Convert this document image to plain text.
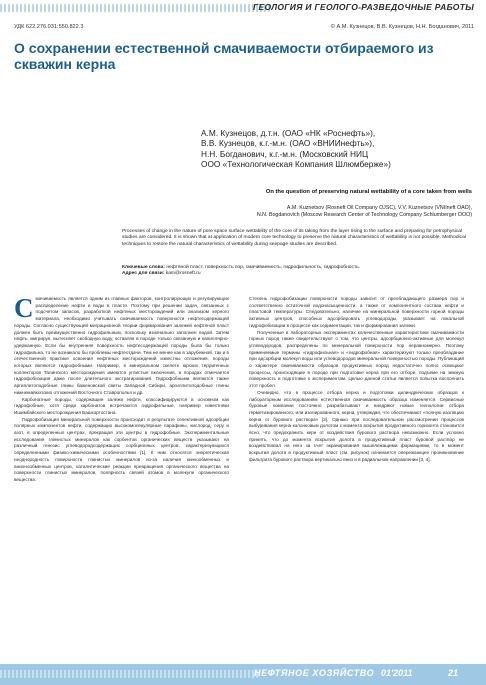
ГЕОЛОГИЯ И ГЕОЛОГО-РАЗВЕДОЧНЫЕ РАБОТЫ
УДК 622.276.031:550.822.3	© А.М. Кузнецов, В.В. Кузнецов, Н.Н. Богданович, 2011
О сохранении естественной смачиваемости отбираемого из скважин керна
А.М. Кузнецов, д.т.н. (ОАО «НК «Роснефть»),
В.В. Кузнецов, к.г.-м.н. (ОАО «ВНИИнефть»),
Н.Н. Богданович, к.г.-м.н. (Московский НИЦ
ООО «Технологическая Компания Шлюмберже»)
On the question of preserving natural wettability of a core taken from wells
A.M. Kuznetsov (Rosneft Oil Company OJSC), V.V. Kuznetsov (VNIIneft OAO),
N.N. Bogdanovich (Moscow Research Center of Technology Company Schlumberger OOO)
Processes of change in the nature of pore space surface wettability of the core of its taking from the layer rising to the surface and preparing for petrophysical studies are considered. It is shown that at application of modern core technology to preserve the natural characteristics of wettability is not possible. Methodical techniques to restore the natural characteristics of wettability during seepage studies are described.
Ключевые слова: нефтяной пласт, поверхность пор, смачиваемость, гидрофильность, гидрофобность.
Адрес для связи: kam@rosneft.ru

Смачиваемость является одним из главных факторов, контролирующих и регулирующих распределение нефти и воды в пласте. Поэтому при решении задач, связанных с подсчетом запасов, разработкой нефтяных месторождений или анализом керного материала, необходимо учитывать смачиваемость поверхности нефтесодержащей породы. Согласно существующей миграционной теории формирования залежей нефтяной пласт должен быть преимущественно гидрофильным, поскольку изначально заполнен водой. Затем нефть, мигрируя, вытесняет свободную воду, оставляя в породе только связанную и капиллярно-удержанную. Если бы внутренняя поверхность нефтесодержащей породы была бы только гидрофильна, то не возникало бы проблемы нефтеотдачи. Тем не менее как в зарубежной, так и в отечественной практике освоения нефтяных месторождений известны отложения, породы которых являются гидрофобными. Например, в минеральном скелете юрских терригенных коллекторов Талинского месторождения имеются углистые включения, в породах отмечается гидрофобизация даже после длительного экстрагирования. Гидрофобными являются также аргиллитоподобные глины баженовской свиты Западной Сибири, аргиллитоподобные глины нижнемайкопских отложений Восточного Ставрополья и др.

Карбонатные породы, содержащие залежи нефти, классифицируются в основном как гидрофобные, хотя среди карбонатов встречаются гидрофильные, например известняки Ишимбайского месторождения Башкортостана.

Гидрофобизация минеральной поверхности происходит в результате селективной адсорбции полярных компонентов нефти, содержащих высокомолекулярные парафины, кислород, серу и азот, в определенных центрах, прекращая эти центры в гидрофобные. Экспериментальные исследования глинистых минералов как сорбентов органических веществ указывают на различный генезис углеводородсодержащих сорбционных центров, характеризующихся определенными физико-химическими особенностями [1]. К ним относятся энергетическая неоднородность поверхности глинистых минералов из-за наличия кинкообменных и анионообменных центров, каталитические реакции превращения органического вещества на поверхности глинистых минералов, полярность связей атомов в молекуле органического вещества.

Степень гидрофобизации поверхности породы зависит от преобладающего размера пор и соответственно остаточной водонасыщенности, а также от компонентного состава нефти и пластовой температуры. Следовательно, наличие на минеральной поверхности горной породы активных центров, способных адсорбировать углеводороды, указывает на локальной гидрофобизации в процессе как седиментации, так и формирования залежи.

Полученные в лабораторных экспериментах количественные характеристики смачиваемости горных пород также свидетельствуют о том, что центры, адсорбционно-активные для молекул углеводородов, распределены по минеральной поверхности пор неравномерно. Поэтому применяемые термины «гидрофильная» и «гидрофобная» характеризуют только преобладание при адсорбции молекул воды или углеводородов минеральной поверхностью породы. Публикаций о характере смачиваемости образцов продуктивных пород недостаточно полно освещают процессы, происходящие в породе при подготовке керна при его отборе, подъеме на земную поверхность и подготовке к экспериментам. Целью данной статьи является попытка восполнить этот пробел.

Очевидно, что в процессе отбора керна и подготовки цилиндрических образцов к лабораторным исследованиям естественная смачиваемость образца изменяется. Сервисные буровые компании постоянно разрабатывают и внедряют новые технологии отбора герметизированного, или изолированного, керна, утверждая, что обеспечивают «полную изоляцию керна от бурового раствора» [2]. Однако при последовательном рассмотрении процессов выбуривания керна колонковым долотом с момента вскрытия продуктивного горизонта становится ясно, что предохранить керн от воздействия бурового раствора невозможно. Если условно принять, что до момента вскрытия долота в продуктивный пласт буровой раствор не воздействовал на него за счет экранирования вышележащими формациями, то в момент вскрытия долота в продуктивный пласт (см. рисунок) начинается опережающее проникновение фильтрата бурового раствора вертикально вниз и в радиальном направлении [3, 4].

НЕФТЯНОЕ ХОЗЯЙСТВО 01'2011	21
